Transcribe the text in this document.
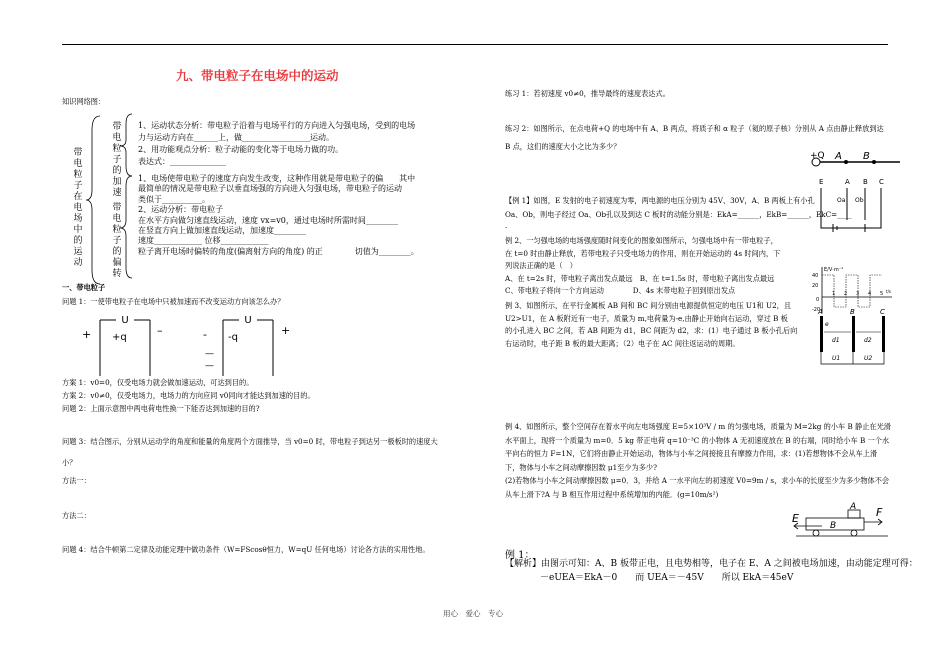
九、带电粒子在电场中的运动
知识网络图：
带电粒子在电场中的运动
带电粒子的加速
带电粒子的偏转
1、运动状态分析：带电粒子沿着与电场平行的方向进入匀强电场，受到的电场
力与运动方向在______上，做_________________运动。
2、用功能观点分析：粒子动能的变化等于电场力做的功。
表达式：______________
1、电场使带电粒子的速度方向发生改变，这种作用就是带电粒子的偏　　其中
最简单的情况是带电粒子以垂直场强的方向进入匀强电场，带电粒子的运动
类似于__________。
2、运动分析：带电粒子
在水平方向做匀速直线运动，速度 vx=v0，通过电场时所需时间________
在竖直方向上做加速直线运动，加速度________
速度____________ 位移____________
粒子离开电场时偏转的角度(偏离射方向的角度) 的正　　　　切值为________。
一、带电粒子
问题 1：一使带电粒子在电场中只被加速而不改变运动方向该怎么办？
U
+q
+	–
U
-q
-	+
—
—
方案 1：v0=0，仅受电场力就会做加速运动，可达到目的。
方案 2：v0≠0，仅受电场力，电场力的方向应同 v0同向才能达到加速的目的。
问题 2：上面示意图中两电荷电性换一下能否达到加速的目的?
问题 3：结合图示，分别从运动学的角度和能量的角度两个方面推导，当 v0=0 时，带电粒子到达另一极板时的速度大
小？
方法一：
方法二：
问题 4：结合牛顿第二定律及动能定理中做功条件（W=FScosθ恒力，W=qU 任何电场）讨论各方法的实用性地。
练习 1：若初速度 v0≠0，推导最终的速度表达式。
练习 2：如图所示，在点电荷+Q 的电场中有 A、B 两点，将质子和 α 粒子（氦的原子核）分别从 A 点由静止释放到达
B 点，这们的速度大小之比为多少？
+Q A B
【例 1】如图，E 发射的电子初速度为零，两电源的电压分别为 45V、30V，A、B 两板上有小孔
Oa、Ob，则电子经过 Oa、Ob孔以及到达 C 板时的动能分别是：EkA=______，EkB=______，EkC=____
.
E	A B C
Oa Ob
例 2、一匀强电场的电场强度随时间变化的图象如图所示，匀强电场中有一带电粒子，
在 t=0 时由静止释放，若带电粒子只受电场力的作用，则在开始运动的 4s 时间内，下
列说法正确的是（　）
A、在 t=2s 时，带电粒子离出发点最远　B、在 t=1.5s 时，带电粒子离出发点最远
C、带电粒子将向一个方向运动　　　　D、4s 末带电粒子回到原出发点
E/V·m⁻¹
40
20
0
-20
1 2 3 4 5 t/s
例 3、如图所示，在平行金属板 AB 间和 BC 间分别由电源提供恒定的电压 U1和 U2，且
U2>U1，在 A 板附近有一电子，质量为 m,电荷量为-e,由静止开始向右运动，穿过 B 板
的小孔进入 BC 之间，若 AB 间距为 d1，BC 间距为 d2，求：(1）电子通过 B 板小孔后向
右运动时，电子距 B 板的最大距离；（2）电子在 AC 间往返运动的周期。
A	B	C
e
d1	d2
U1	U2
例 4、如图所示，整个空间存在着水平向左电场强度 E=5×10³V / m 的匀强电场，质量为 M=2kg 的小车 B 静止在光滑
水平面上，现将一个质量为 m=0．5 kg 带正电荷 q=10⁻³C 的小物体 A 无初速度放在 B 的右端，同时给小车 B 一个水
平向右的恒力 F=1N，它们将由静止开始运动，物体与小车之间接接且有摩擦力作用，求：(1)若想物体不会从车上滑
下，物体与小车之间动摩擦因数 μ1至少为多少?
(2)若物体与小车之间动摩擦因数 μ=0．3，并给 A 一水平向左的初速度 V0=9m / s，求小车的长度至少为多少物体不会
从车上滑下?A 与 B 相互作用过程中系统增加的内能．(g=10m/s²)
E
A
B
F
例 1：
【解析】由图示可知：A、B 板带正电，且电势相等，电子在 E、A 之间被电场加速，由动能定理可得：
－eUEA＝EkA－0　　而 UEA＝－45V　　所以 EkA＝45eV
用心　爱心　专心
